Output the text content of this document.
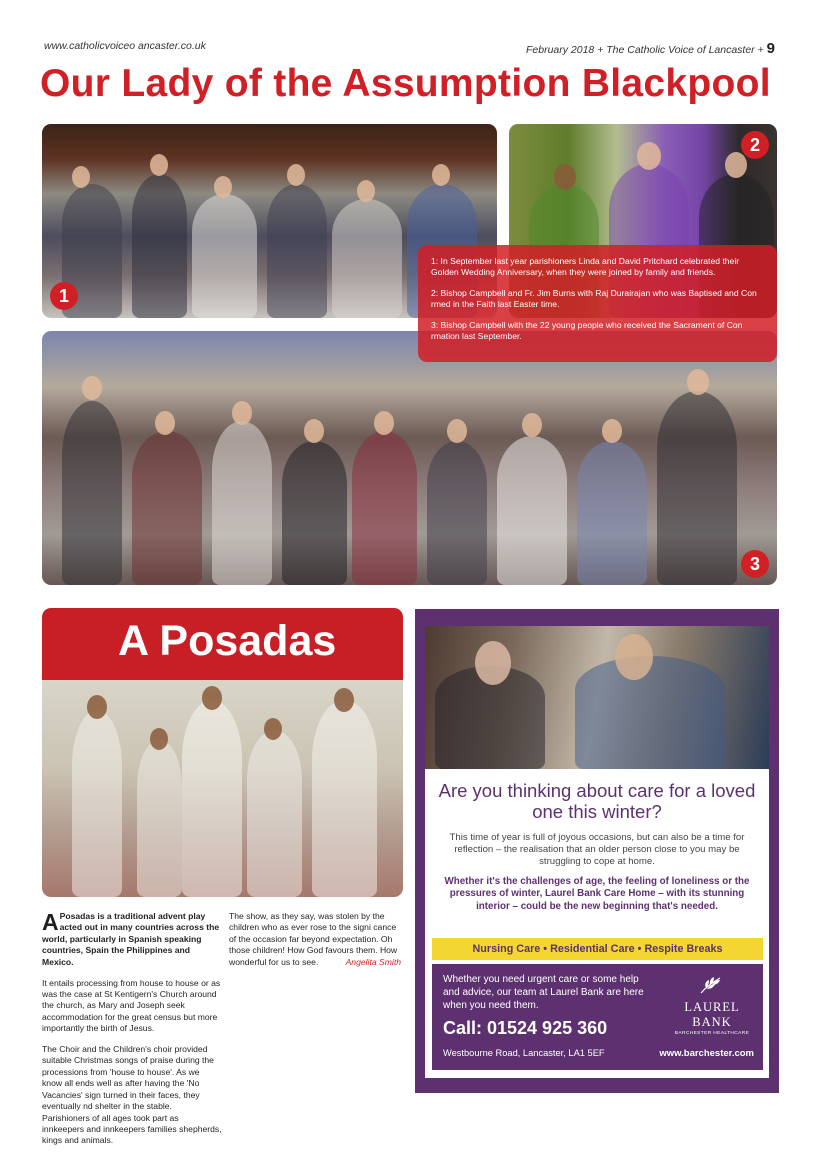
www.catholicvoiceo ancaster.co.uk	February 2018 + The Catholic Voice of Lancaster + 9
Our Lady of the Assumption Blackpool
1
2
3

1: In September last year parishioners Linda and David Pritchard celebrated their Golden Wedding Anniversary, when they were joined by family and friends.

2: Bishop Campbell and Fr. Jim Burns with Raj Durairajan who was Baptised and Con rmed in the Faith last Easter time.

3: Bishop Campbell with the 22 young people who received the Sacrament of Con rmation last September.

A Posadas

A Posadas is a traditional advent play acted out in many countries across the world, particularly in Spanish speaking countries, Spain the Philippines and Mexico.

It entails processing from house to house or as was the case at St Kentigern's Church around the church, as Mary and Joseph seek accommodation for the great census but more importantly the birth of Jesus.

The Choir and the Children's choir provided suitable Christmas songs of praise during the processions from 'house to house'. As we know all ends well as after having the 'No Vacancies' sign turned in their faces, they eventually nd shelter in the stable. Parishioners of all ages took part as innkeepers and innkeepers families shepherds, kings and animals.

The show, as they say, was stolen by the children who as ever rose to the signi cance of the occasion far beyond expectation. Oh those children! How God favours them. How wonderful for us to see.	Angelita Smith

Are you thinking about care for a loved one this winter?
This time of year is full of joyous occasions, but can also be a time for reflection – the realisation that an older person close to you may be struggling to cope at home.
Whether it's the challenges of age, the feeling of loneliness or the pressures of winter, Laurel Bank Care Home – with its stunning interior – could be the new beginning that's needed.
Nursing Care • Residential Care • Respite Breaks
Whether you need urgent care or some help and advice, our team at Laurel Bank are here when you need them.
Call: 01524 925 360
Westbourne Road, Lancaster, LA1 5EF
LAUREL
BANK
BARCHESTER HEALTHCARE
www.barchester.com
